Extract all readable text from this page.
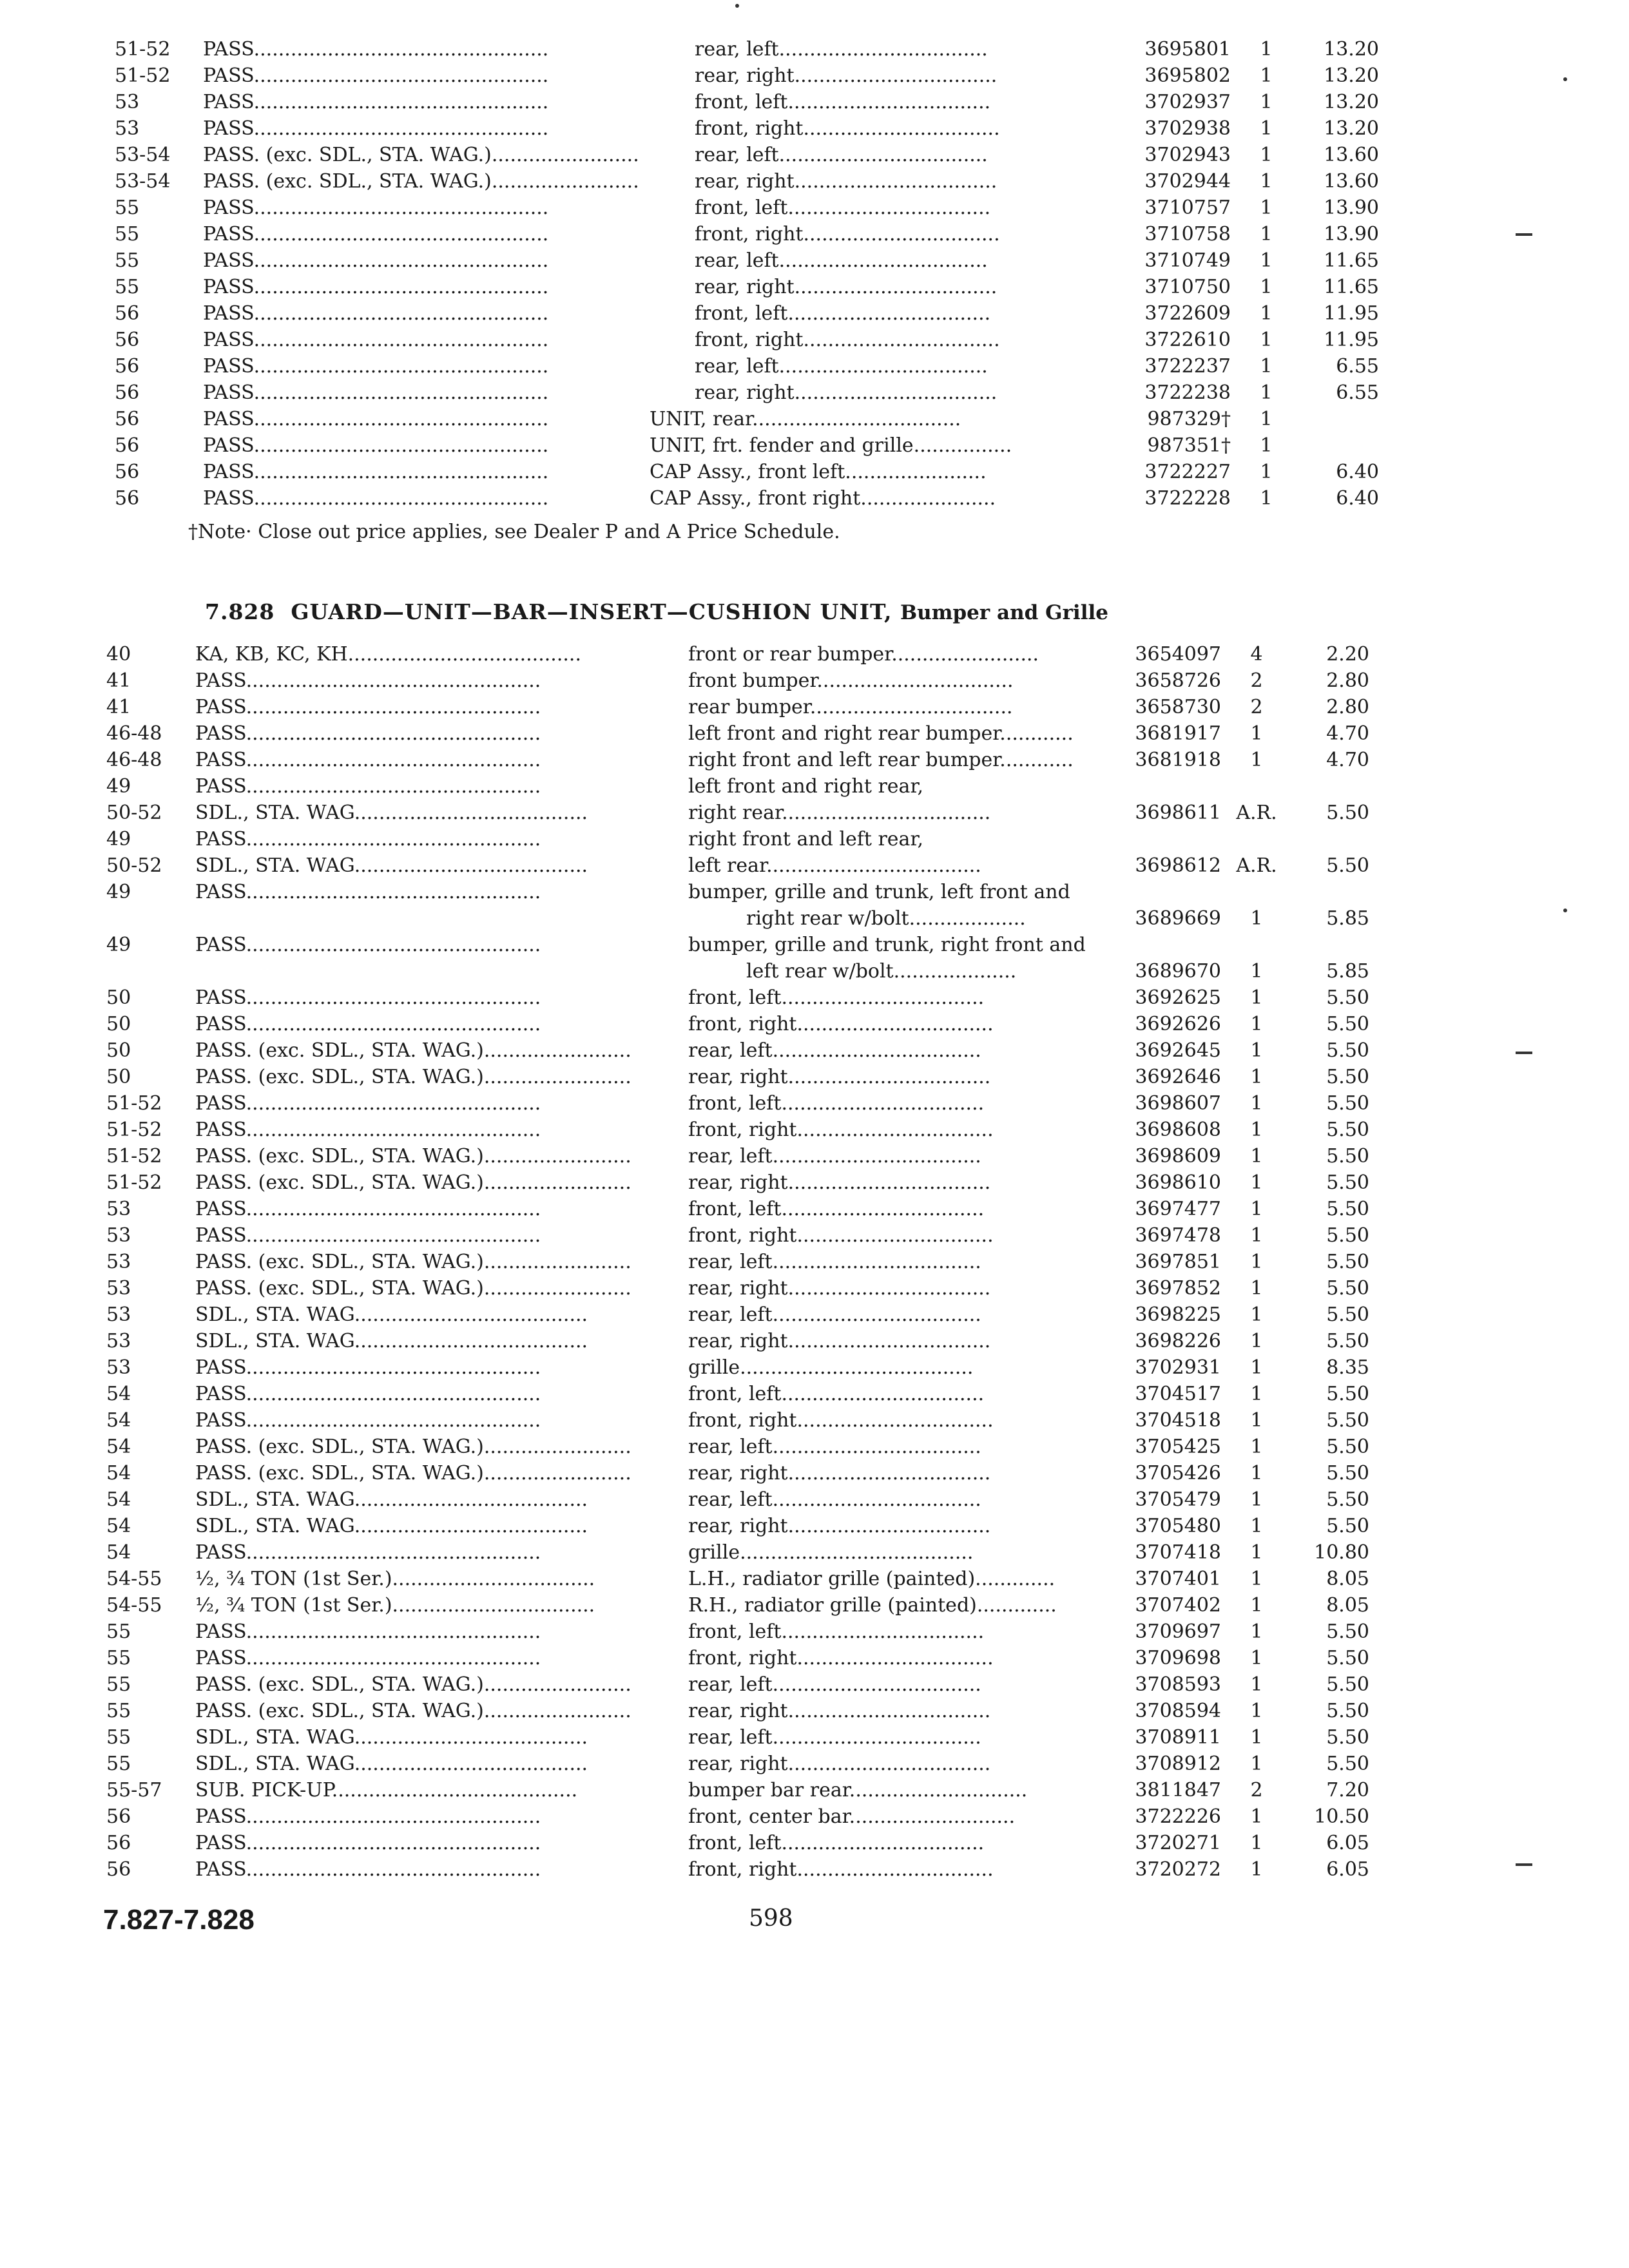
51-52	PASS................................................	rear, left..................................	3695801	1	13.20
51-52	PASS................................................	rear, right.................................	3695802	1	13.20
53	PASS................................................	front, left.................................	3702937	1	13.20
53	PASS................................................	front, right................................	3702938	1	13.20
53-54	PASS. (exc. SDL., STA. WAG.)........................	rear, left..................................	3702943	1	13.60
53-54	PASS. (exc. SDL., STA. WAG.)........................	rear, right.................................	3702944	1	13.60
55	PASS................................................	front, left.................................	3710757	1	13.90
55	PASS................................................	front, right................................	3710758	1	13.90
55	PASS................................................	rear, left..................................	3710749	1	11.65
55	PASS................................................	rear, right.................................	3710750	1	11.65
56	PASS................................................	front, left.................................	3722609	1	11.95
56	PASS................................................	front, right................................	3722610	1	11.95
56	PASS................................................	rear, left..................................	3722237	1	6.55
56	PASS................................................	rear, right.................................	3722238	1	6.55
56	PASS................................................	UNIT, rear..................................	987329†	1
56	PASS................................................	UNIT, frt. fender and grille................	987351†	1
56	PASS................................................	CAP Assy., front left.......................	3722227	1	6.40
56	PASS................................................	CAP Assy., front right......................	3722228	1	6.40
†Note· Close out price applies, see Dealer P and A Price Schedule.
7.828 GUARD—UNIT—BAR—INSERT—CUSHION UNIT, Bumper and Grille
40	KA, KB, KC, KH......................................	front or rear bumper........................	3654097	4	2.20
41	PASS................................................	front bumper................................	3658726	2	2.80
41	PASS................................................	rear bumper.................................	3658730	2	2.80
46-48	PASS................................................	left front and right rear bumper............	3681917	1	4.70
46-48	PASS................................................	right front and left rear bumper............	3681918	1	4.70
49	PASS................................................	left front and right rear,
50-52	SDL., STA. WAG......................................	right rear..................................	3698611 A.R.	5.50
49	PASS................................................	right front and left rear,
50-52	SDL., STA. WAG......................................	left rear...................................	3698612 A.R.	5.50
49	PASS................................................	bumper, grille and trunk, left front and
right rear w/bolt...................	3689669	1	5.85
49	PASS................................................	bumper, grille and trunk, right front and
left rear w/bolt....................	3689670	1	5.85
50	PASS................................................	front, left.................................	3692625	1	5.50
50	PASS................................................	front, right................................	3692626	1	5.50
50	PASS. (exc. SDL., STA. WAG.)........................	rear, left..................................	3692645	1	5.50
50	PASS. (exc. SDL., STA. WAG.)........................	rear, right.................................	3692646	1	5.50
51-52	PASS................................................	front, left.................................	3698607	1	5.50
51-52	PASS................................................	front, right................................	3698608	1	5.50
51-52	PASS. (exc. SDL., STA. WAG.)........................	rear, left..................................	3698609	1	5.50
51-52	PASS. (exc. SDL., STA. WAG.)........................	rear, right.................................	3698610	1	5.50
53	PASS................................................	front, left.................................	3697477	1	5.50
53	PASS................................................	front, right................................	3697478	1	5.50
53	PASS. (exc. SDL., STA. WAG.)........................	rear, left..................................	3697851	1	5.50
53	PASS. (exc. SDL., STA. WAG.)........................	rear, right.................................	3697852	1	5.50
53	SDL., STA. WAG......................................	rear, left..................................	3698225	1	5.50
53	SDL., STA. WAG......................................	rear, right.................................	3698226	1	5.50
53	PASS................................................	grille......................................	3702931	1	8.35
54	PASS................................................	front, left.................................	3704517	1	5.50
54	PASS................................................	front, right................................	3704518	1	5.50
54	PASS. (exc. SDL., STA. WAG.)........................	rear, left..................................	3705425	1	5.50
54	PASS. (exc. SDL., STA. WAG.)........................	rear, right.................................	3705426	1	5.50
54	SDL., STA. WAG......................................	rear, left..................................	3705479	1	5.50
54	SDL., STA. WAG......................................	rear, right.................................	3705480	1	5.50
54	PASS................................................	grille......................................	3707418	1	10.80
54-55	½, ¾ TON (1st Ser.).................................	L.H., radiator grille (painted).............	3707401	1	8.05
54-55	½, ¾ TON (1st Ser.).................................	R.H., radiator grille (painted).............	3707402	1	8.05
55	PASS................................................	front, left.................................	3709697	1	5.50
55	PASS................................................	front, right................................	3709698	1	5.50
55	PASS. (exc. SDL., STA. WAG.)........................	rear, left..................................	3708593	1	5.50
55	PASS. (exc. SDL., STA. WAG.)........................	rear, right.................................	3708594	1	5.50
55	SDL., STA. WAG......................................	rear, left..................................	3708911	1	5.50
55	SDL., STA. WAG......................................	rear, right.................................	3708912	1	5.50
55-57	SUB. PICK-UP........................................	bumper bar rear.............................	3811847	2	7.20
56	PASS................................................	front, center bar...........................	3722226	1	10.50
56	PASS................................................	front, left.................................	3720271	1	6.05
56	PASS................................................	front, right................................	3720272	1	6.05
7.827-7.828	598
